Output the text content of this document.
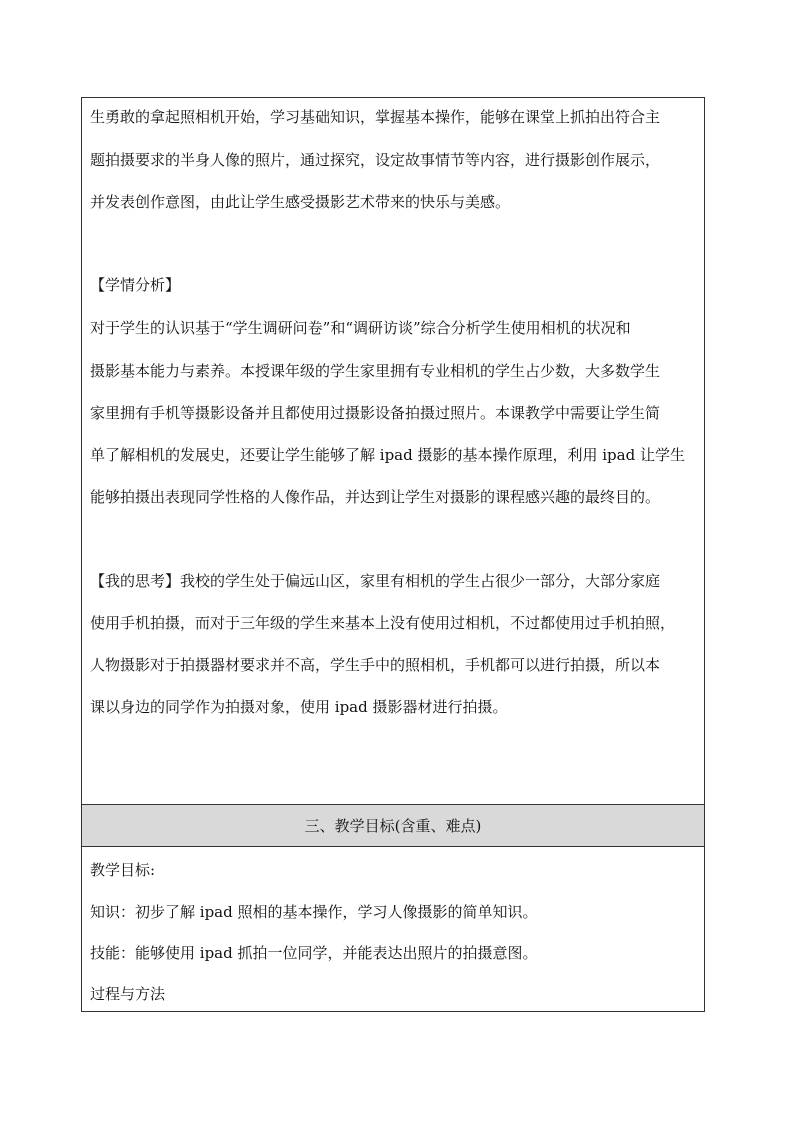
生勇敢的拿起照相机开始，学习基础知识，掌握基本操作，能够在课堂上抓拍出符合主
题拍摄要求的半身人像的照片，通过探究，设定故事情节等内容，进行摄影创作展示，
并发表创作意图，由此让学生感受摄影艺术带来的快乐与美感。
【学情分析】
对于学生的认识基于“学生调研问卷”和“调研访谈”综合分析学生使用相机的状况和
摄影基本能力与素养。本授课年级的学生家里拥有专业相机的学生占少数，大多数学生
家里拥有手机等摄影设备并且都使用过摄影设备拍摄过照片。本课教学中需要让学生简
单了解相机的发展史，还要让学生能够了解 ipad 摄影的基本操作原理，利用 ipad 让学生
能够拍摄出表现同学性格的人像作品，并达到让学生对摄影的课程感兴趣的最终目的。
【我的思考】我校的学生处于偏远山区，家里有相机的学生占很少一部分，大部分家庭
使用手机拍摄，而对于三年级的学生来基本上没有使用过相机，不过都使用过手机拍照，
人物摄影对于拍摄器材要求并不高，学生手中的照相机，手机都可以进行拍摄，所以本
课以身边的同学作为拍摄对象，使用 ipad 摄影器材进行拍摄。
三、教学目标(含重、难点)
教学目标:
知识：初步了解 ipad 照相的基本操作，学习人像摄影的简单知识。
技能：能够使用 ipad 抓拍一位同学，并能表达出照片的拍摄意图。
过程与方法
